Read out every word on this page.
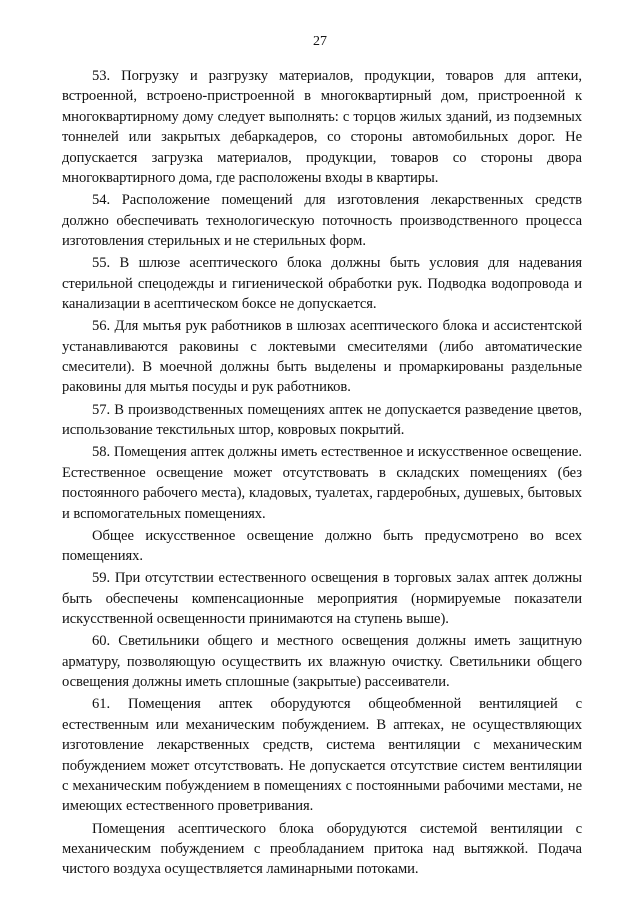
27

53. Погрузку и разгрузку материалов, продукции, товаров для аптеки, встроенной, встроено-пристроенной в многоквартирный дом, пристроенной к многоквартирному дому следует выполнять: с торцов жилых зданий, из подземных тоннелей или закрытых дебаркадеров, со стороны автомобильных дорог. Не допускается загрузка материалов, продукции, товаров со стороны двора многоквартирного дома, где расположены входы в квартиры.

54. Расположение помещений для изготовления лекарственных средств должно обеспечивать технологическую поточность производственного процесса изготовления стерильных и не стерильных форм.

55. В шлюзе асептического блока должны быть условия для надевания стерильной спецодежды и гигиенической обработки рук. Подводка водопровода и канализации в асептическом боксе не допускается.

56. Для мытья рук работников в шлюзах асептического блока и ассистентской устанавливаются раковины с локтевыми смесителями (либо автоматические смесители). В моечной должны быть выделены и промаркированы раздельные раковины для мытья посуды и рук работников.

57. В производственных помещениях аптек не допускается разведение цветов, использование текстильных штор, ковровых покрытий.

58. Помещения аптек должны иметь естественное и искусственное освещение. Естественное освещение может отсутствовать в складских помещениях (без постоянного рабочего места), кладовых, туалетах, гардеробных, душевых, бытовых и вспомогательных помещениях.

Общее искусственное освещение должно быть предусмотрено во всех помещениях.

59. При отсутствии естественного освещения в торговых залах аптек должны быть обеспечены компенсационные мероприятия (нормируемые показатели искусственной освещенности принимаются на ступень выше).

60. Светильники общего и местного освещения должны иметь защитную арматуру, позволяющую осуществить их влажную очистку. Светильники общего освещения должны иметь сплошные (закрытые) рассеиватели.

61. Помещения аптек оборудуются общеобменной вентиляцией с естественным или механическим побуждением. В аптеках, не осуществляющих изготовление лекарственных средств, система вентиляции с механическим побуждением может отсутствовать. Не допускается отсутствие систем вентиляции с механическим побуждением в помещениях с постоянными рабочими местами, не имеющих естественного проветривания.

Помещения асептического блока оборудуются системой вентиляции с механическим побуждением с преобладанием притока над вытяжкой. Подача чистого воздуха осуществляется ламинарными потоками.
